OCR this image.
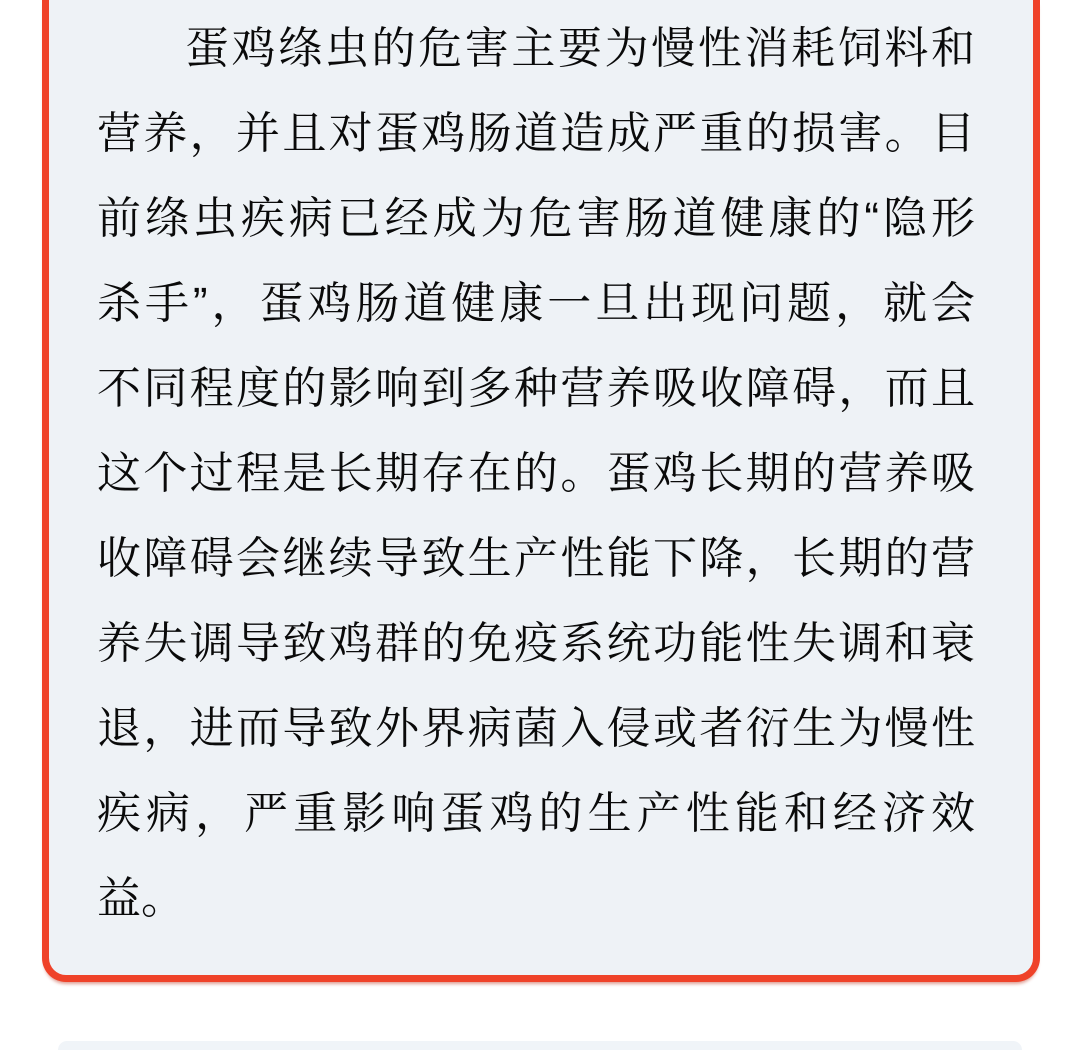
蛋鸡绦虫的危害主要为慢性消耗饲料和
营养，并且对蛋鸡肠道造成严重的损害。目
前绦虫疾病已经成为危害肠道健康的“隐形
杀手”，蛋鸡肠道健康一旦出现问题，就会
不同程度的影响到多种营养吸收障碍，而且
这个过程是长期存在的。蛋鸡长期的营养吸
收障碍会继续导致生产性能下降，长期的营
养失调导致鸡群的免疫系统功能性失调和衰
退，进而导致外界病菌入侵或者衍生为慢性
疾病，严重影响蛋鸡的生产性能和经济效
益。
